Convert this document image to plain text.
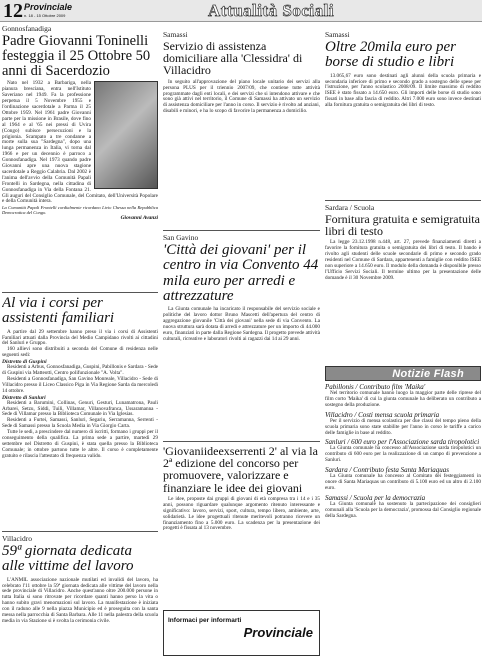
12 Provinciale
n. 18 - 15 Ottobre 2009	Attualità Sociali
Gonnosfanadiga
Padre Giovanni Toninelli festeggia il 25 Ottobre 50 anni di Sacerdozio

Nato nel 1932 a Barbariga, nella pianura bresciana, entra nell'Istituto Saveriano nel 1949. Fa la professione perpetua il 5 Novembre 1955 e l'ordinazione sacerdotale a Parma il 25 Ottobre 1959. Nel 1961 padre Giovanni parte per la missione in Brasile, dove fino al 1964 e al '65 nei pressi di Uvira (Congo) subisce persecuzioni e la prigionia. Scampato a tre condanne a morte sulla sua "Sardegna", dopo una lunga permanenza in Italia, vi torna dal 1966 e per un decennio è parroco a Gonnosfanadiga. Nel 1973 quando padre Giovanni apre una nuova stagione sacerdotale a Reggio Calabria. Dal 2002 è l'anima dell'avvio della Comunità Papali Frontelli in Sardegna, nella cittadina di Gonnosfanadiga in Via della Fontana 21. Gli auguri del Consiglio Comunale, del Comitato, dell'Università Popolare e della Comunità intera.

La Comunità Papali Frontelli cordialmente ricordano Livio Chessa nella Repubblica Democratica del Congo.
Giovanni Avanzi
Al via i corsi per assistenti familiari

A partire dal 29 settembre hanno preso il via i corsi di Assistenti Familiari attuati dalla Provincia del Medio Campidano rivolti ai cittadini del Sanluri e Gruppo.

160 allievi sono distribuiti a seconda del Comune di residenza nelle seguenti sedi:

Distretto di Guspini

Residenti a Arbus, Gonnosfanadiga, Guspini, Pabillonis e Sardara - Sede di Guspini via Matteotti, Centro polifunzionale "A. Volta".

Residenti a Gonnosfanadiga, San Gavino Monreale, Villacidro - Sede di Villacidro presso il Liceo Classico Piga in Via Regione Sarda da mercoledì 14 ottobre.

Distretto di Sanluri

Residenti a Barumini, Collinas, Genuri, Gesturi, Lunamatrona, Pauli Arbarei, Setzu, Siddi, Tuili, Villamar, Villanovafranca, Ussaramanna - Sede di Villamar presso la Biblioteca Comunale in Via Iglesias.

Residenti a Furtei, Samassi, Sanluri, Segariu, Serramanna, Serrenti - Sede di Samassi presso la Scuola Media in Via Giorgio Carta.

Tutte le sedi, a prescindere dal numero di iscritti, formano i gruppi per il conseguimento della qualifica. La prima sede a partire, martedì 29 settembre nel Distretto di Guspini, è stata quella presso la Biblioteca Comunale; in ottobre partono tutte le altre. Il corso è completamente gratuito e rilascia l'attestato di frequenza valido.

Villacidro
59ª giornata dedicata alle vittime del lavoro

L'ANMIL associazione nazionale mutilati ed invalidi del lavoro, ha celebrato l'11 ottobre la 59ª giornata dedicata alle vittime del lavoro nella sede provinciale di Villacidro. Anche quest'anno oltre 200.000 persone in tutta Italia si sono ritrovate per ricordare quanti hanno perso la vita o hanno subito gravi menomazioni sul lavoro. La manifestazione è iniziata con il raduno alle 9 nella piazza Municipio ed è proseguita con la santa messa nella parrocchia di Santa Barbara. Alle 11 nella palestra della scuola media in via Stazione si è svolta la cerimonia civile.

Samassi
Servizio di assistenza domiciliare alla 'Clessidra' di Villacidro

In seguito all'approvazione del piano locale unitario dei servizi alla persona PLUS per il triennio 2007/09, che contiene tutte attività programmate dagli enti locali, e dei servizi che si intendono attivare e che sono già attivi nel territorio, il Comune di Samassi ha attivato un servizio di assistenza domiciliare per l'anno in corso. Il servizio è rivolto ad anziani, disabili e minori, e ha lo scopo di favorire la permanenza a domicilio.

San Gavino
'Città dei giovani' per il centro in via Convento 44 mila euro per arredi e attrezzature

La Giunta comunale ha incaricato il responsabile del servizio sociale e politiche del lavoro dottor Bruno Mascetti dell'apertura del centro di aggregazione giovanile 'Città dei giovani' nella sede di via Convento. La nuova struttura sarà dotata di arredi e attrezzature per un importo di 44.000 euro, finanziati in parte dalla Regione Sardegna. Il progetto prevede attività culturali, ricreative e laboratori rivolti ai ragazzi dai 14 ai 29 anni.

'Giovaniideexserrenti 2' al via la 2ª edizione del concorso per promuovere, valorizzare e finanziare le idee dei giovani

Le idee, proposte dai gruppi di giovani di età compresa tra i 14 e i 35 anni, possono riguardare qualunque argomento ritenuto interessante e significativo: lavoro, servizi, sport, cultura, tempo libero, ambiente, arte, solidarietà. Le idee progettuali ritenute meritevoli potranno ricevere un finanziamento fino a 5.000 euro. La scadenza per la presentazione dei progetti è fissata al 13 novembre.

Informaci per informarti
Provinciale
Samassi
Oltre 20mila euro per borse di studio e libri

13.065,67 euro sono destinati agli alunni della scuola primaria e secondaria inferiore di primo e secondo grado a sostegno delle spese per l'istruzione, per l'anno scolastico 2008/09. Il limite massimo di reddito ISEE è stato fissato a 14.650 euro. Gli importi delle borse di studio sono fissati in base alla fascia di reddito. Altri 7.000 euro sono invece destinati alla fornitura gratuita o semigratuita dei libri di testo.

Sardara / Scuola
Fornitura gratuita e semigratuita libri di testo

La legge 23.12.1998 n.448, art. 27, prevede finanziamenti diretti a favorire la fornitura gratuita o semigratuita dei libri di testo. Il bando è rivolto agli studenti delle scuole secondarie di primo e secondo grado residenti nel Comune di Sardara, appartenenti a famiglie con reddito ISEE non superiore a 14.650 euro. Il modulo della domanda è disponibile presso l'Ufficio Servizi Sociali. Il termine ultimo per la presentazione delle domande è il 30 Novembre 2009.

Notizie Flash
Pabillonis / Contributo film 'Maika'

Nel territorio comunale hanno luogo la maggior parte delle riprese del film corto 'Maika' di cui la giunta comunale ha deliberato un contributo a sostegno della produzione.

Villacidro / Costi mensa scuola primaria

Per il servizio di mensa scolastica per due classi del tempo pieno della scuola primaria sono state stabilite per l'anno in corso le tariffe a carico delle famiglie in base al reddito.

Sanluri / 600 euro per l'Associazione sarda tiropolotici

La Giunta comunale ha concesso all'Associazione sarda tiropolotici un contributo di 600 euro per la realizzazione di un campo di prevenzione a Sanluri.

Sardara / Contributo festa Santa Mariaquas

La Giunta comunale ha concesso al Comitato dei festeggiamenti in onore di Santa Mariaquas un contributo di 5.100 euro ed un altro di 2.100 euro.

Samassi / Scuola per la democrazia

La Giunta comunale ha sostenuto la partecipazione dei consiglieri comunali alla 'Scuola per la democrazia', promossa dal Consiglio regionale della Sardegna.
